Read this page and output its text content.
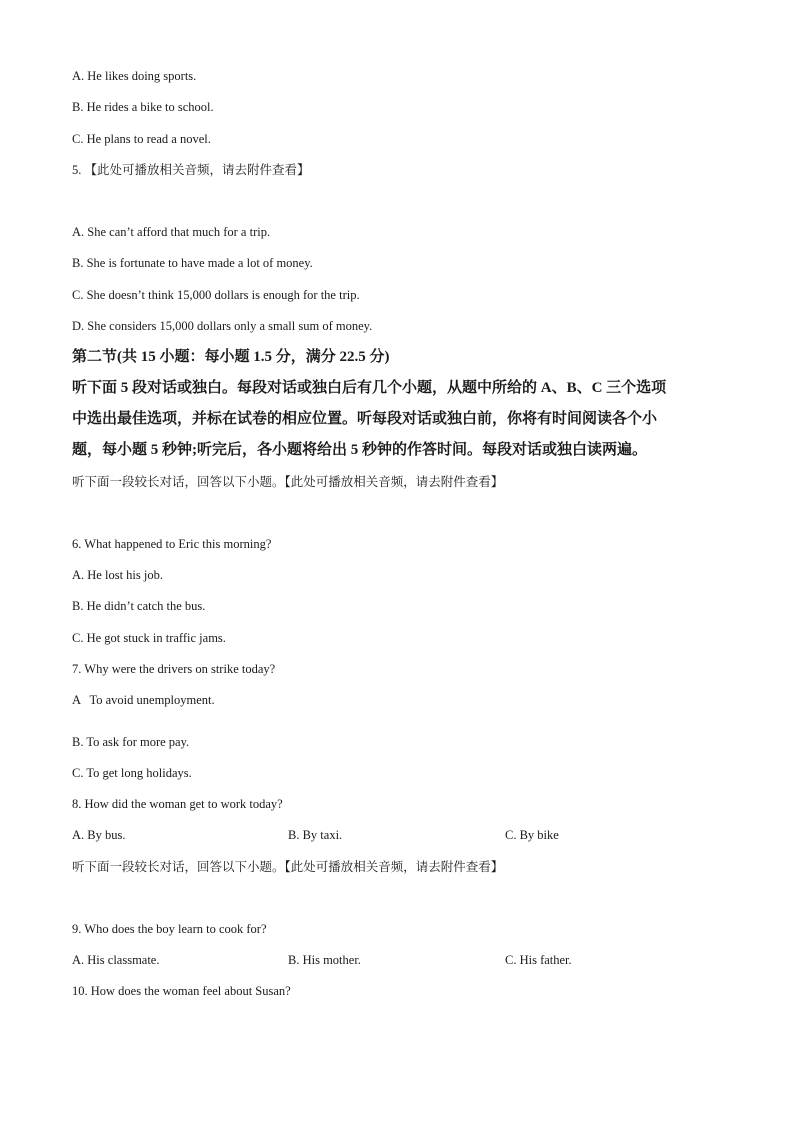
A. He likes doing sports.
B. He rides a bike to school.
C. He plans to read a novel.
5. 【此处可播放相关音频，请去附件查看】
A. She can’t afford that much for a trip.
B. She is fortunate to have made a lot of money.
C. She doesn’t think 15,000 dollars is enough for the trip.
D. She considers 15,000 dollars only a small sum of money.
第二节(共 15 小题：每小题 1.5 分，满分 22.5 分)
听下面 5 段对话或独白。每段对话或独白后有几个小题，从题中所给的 A、B、C 三个选项
中选出最佳选项，并标在试卷的相应位置。听每段对话或独白前，你将有时间阅读各个小
题，每小题 5 秒钟;听完后，各小题将给出 5 秒钟的作答时间。每段对话或独白读两遍。
听下面一段较长对话，回答以下小题。【此处可播放相关音频，请去附件查看】
6. What happened to Eric this morning?
A. He lost his job.
B. He didn’t catch the bus.
C. He got stuck in traffic jams.
7. Why were the drivers on strike today?
A   To avoid unemployment.
B. To ask for more pay.
C. To get long holidays.
8. How did the woman get to work today?
A. By bus.	B. By taxi.	C. By bike
听下面一段较长对话，回答以下小题。【此处可播放相关音频，请去附件查看】
9. Who does the boy learn to cook for?
A. His classmate.	B. His mother.	C. His father.
10. How does the woman feel about Susan?
